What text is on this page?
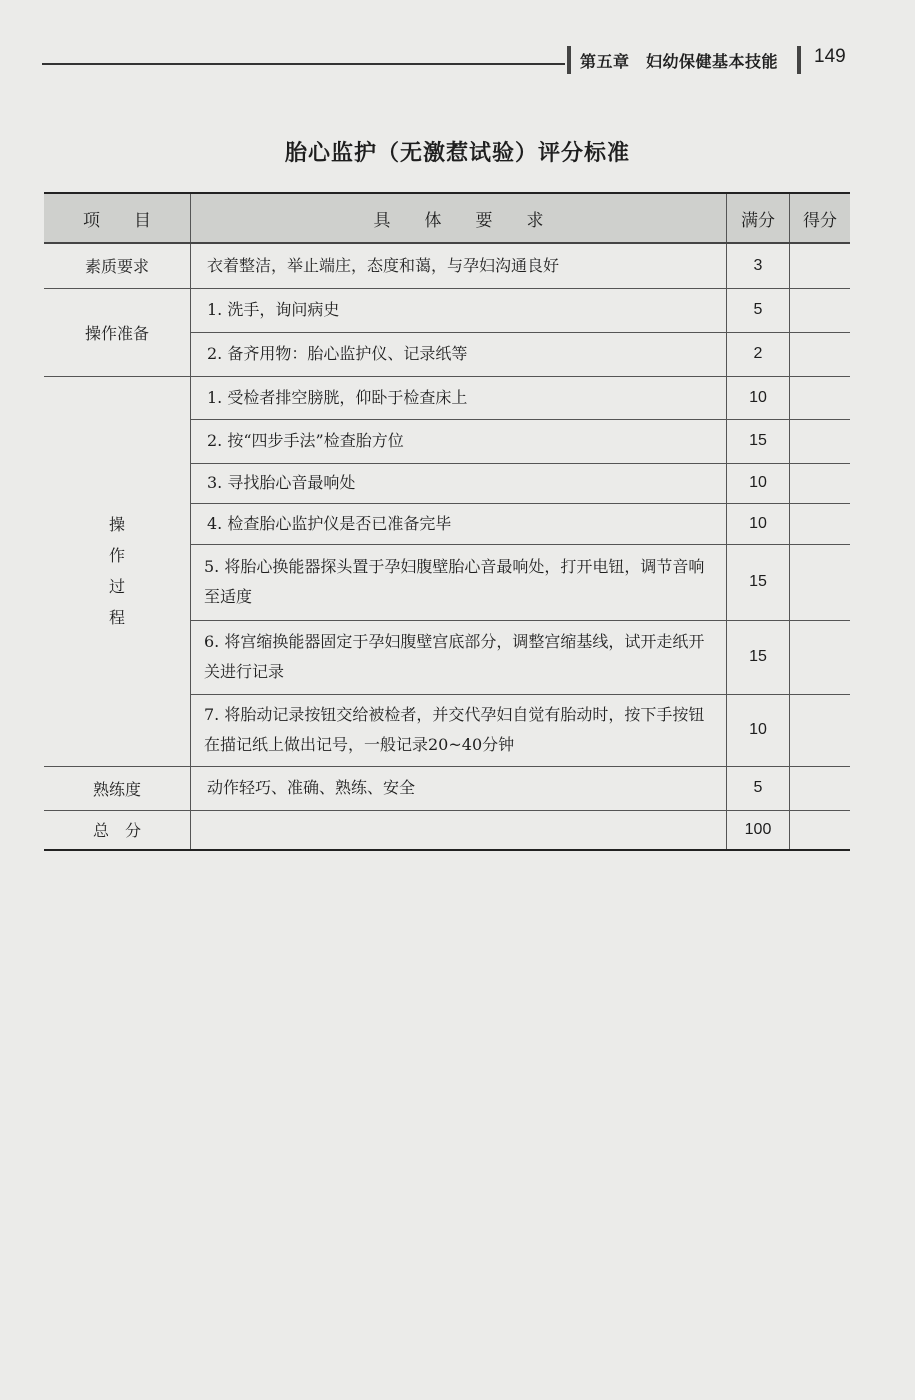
第五章　妇幼保健基本技能 149
胎心监护（无激惹试验）评分标准
项　　目	具　　体　　要　　求	满分	得分
素质要求	衣着整洁，举止端庄，态度和蔼，与孕妇沟通良好	3	
操作准备	1. 洗手，询问病史	5	
	2. 备齐用物：胎心监护仪、记录纸等	2	
操作过程	1. 受检者排空膀胱，仰卧于检查床上	10	
	2. 按“四步手法”检查胎方位	15	
	3. 寻找胎心音最响处	10	
	4. 检查胎心监护仪是否已准备完毕	10	
	5. 将胎心换能器探头置于孕妇腹壁胎心音最响处，打开电钮，调节音响至适度	15	
	6. 将宫缩换能器固定于孕妇腹壁宫底部分，调整宫缩基线，试开走纸开关进行记录	15	
	7. 将胎动记录按钮交给被检者，并交代孕妇自觉有胎动时，按下手按钮在描记纸上做出记号，一般记录20~40分钟	10	
熟练度	动作轻巧、准确、熟练、安全	5	
总　分		100	
